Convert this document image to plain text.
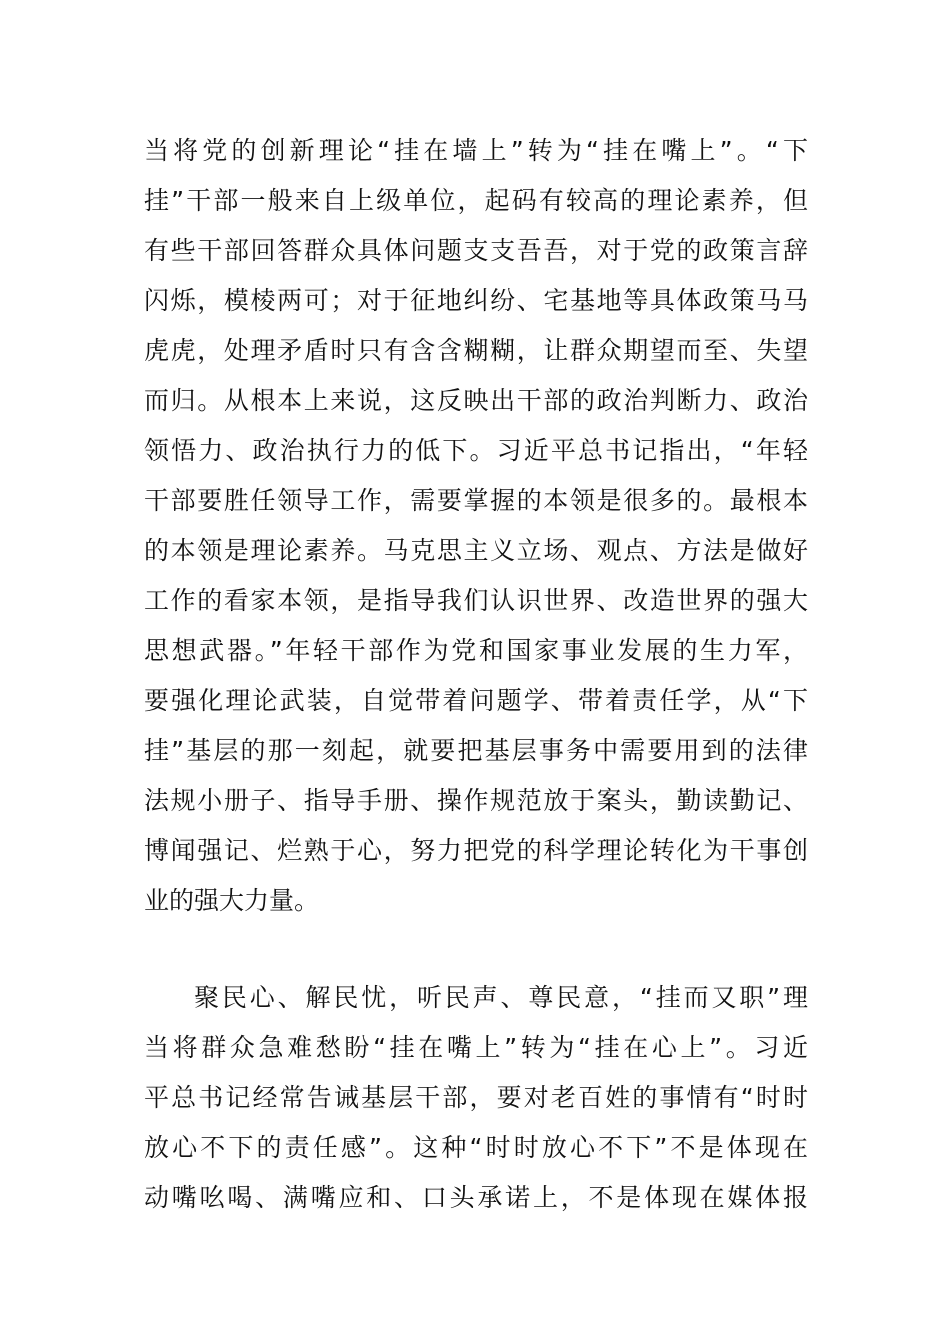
当将党的创新理论“挂在墙上”转为“挂在嘴上”。“下
挂”干部一般来自上级单位，起码有较高的理论素养，但
有些干部回答群众具体问题支支吾吾，对于党的政策言辞
闪烁，模棱两可；对于征地纠纷、宅基地等具体政策马马
虎虎，处理矛盾时只有含含糊糊，让群众期望而至、失望
而归。从根本上来说，这反映出干部的政治判断力、政治
领悟力、政治执行力的低下。习近平总书记指出，“年轻
干部要胜任领导工作，需要掌握的本领是很多的。最根本
的本领是理论素养。马克思主义立场、观点、方法是做好
工作的看家本领，是指导我们认识世界、改造世界的强大
思想武器。”年轻干部作为党和国家事业发展的生力军，
要强化理论武装，自觉带着问题学、带着责任学，从“下
挂”基层的那一刻起，就要把基层事务中需要用到的法律
法规小册子、指导手册、操作规范放于案头，勤读勤记、
博闻强记、烂熟于心，努力把党的科学理论转化为干事创
业的强大力量。
聚民心、解民忧，听民声、尊民意，“挂而又职”理
当将群众急难愁盼“挂在嘴上”转为“挂在心上”。习近
平总书记经常告诫基层干部，要对老百姓的事情有“时时
放心不下的责任感”。这种“时时放心不下”不是体现在
动嘴吆喝、满嘴应和、口头承诺上，不是体现在媒体报
